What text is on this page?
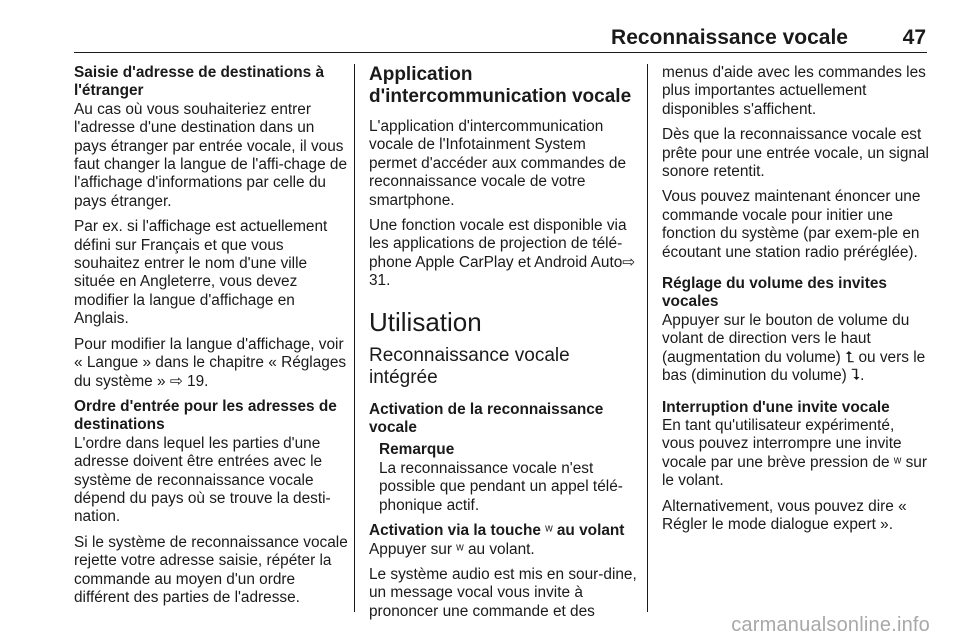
Reconnaissance vocale	47

Saisie d'adresse de destinations à l'étranger

Au cas où vous souhaiteriez entrer l'adresse d'une destination dans un pays étranger par entrée vocale, il vous faut changer la langue de l'affi-chage de l'affichage d'informations par celle du pays étranger.

Par ex. si l'affichage est actuellement défini sur Français et que vous souhaitez entrer le nom d'une ville située en Angleterre, vous devez modifier la langue d'affichage en Anglais.

Pour modifier la langue d'affichage, voir « Langue » dans le chapitre « Réglages du système » ⇨ 19.

Ordre d'entrée pour les adresses de destinations

L'ordre dans lequel les parties d'une adresse doivent être entrées avec le système de reconnaissance vocale dépend du pays où se trouve la desti-nation.

Si le système de reconnaissance vocale rejette votre adresse saisie, répéter la commande au moyen d'un ordre différent des parties de l'adresse.

Application d'intercommunication vocale

L'application d'intercommunication vocale de l'Infotainment System permet d'accéder aux commandes de reconnaissance vocale de votre smartphone.

Une fonction vocale est disponible via les applications de projection de télé-phone Apple CarPlay et Android Auto⇨ 31.

Utilisation

Reconnaissance vocale intégrée

Activation de la reconnaissance vocale

Remarque
La reconnaissance vocale n'est possible que pendant un appel télé-phonique actif.

Activation via la touche ʷ au volant

Appuyer sur ʷ au volant.

Le système audio est mis en sour-dine, un message vocal vous invite à prononcer une commande et des

menus d'aide avec les commandes les plus importantes actuellement disponibles s'affichent.

Dès que la reconnaissance vocale est prête pour une entrée vocale, un signal sonore retentit.

Vous pouvez maintenant énoncer une commande vocale pour initier une fonction du système (par exem-ple en écoutant une station radio préréglée).

Réglage du volume des invites vocales

Appuyer sur le bouton de volume du volant de direction vers le haut (augmentation du volume) ⮤ ou vers le bas (diminution du volume) ⮧.

Interruption d'une invite vocale

En tant qu'utilisateur expérimenté, vous pouvez interrompre une invite vocale par une brève pression de ʷ sur le volant.

Alternativement, vous pouvez dire « Régler le mode dialogue expert ».

carmanualsonline.info
